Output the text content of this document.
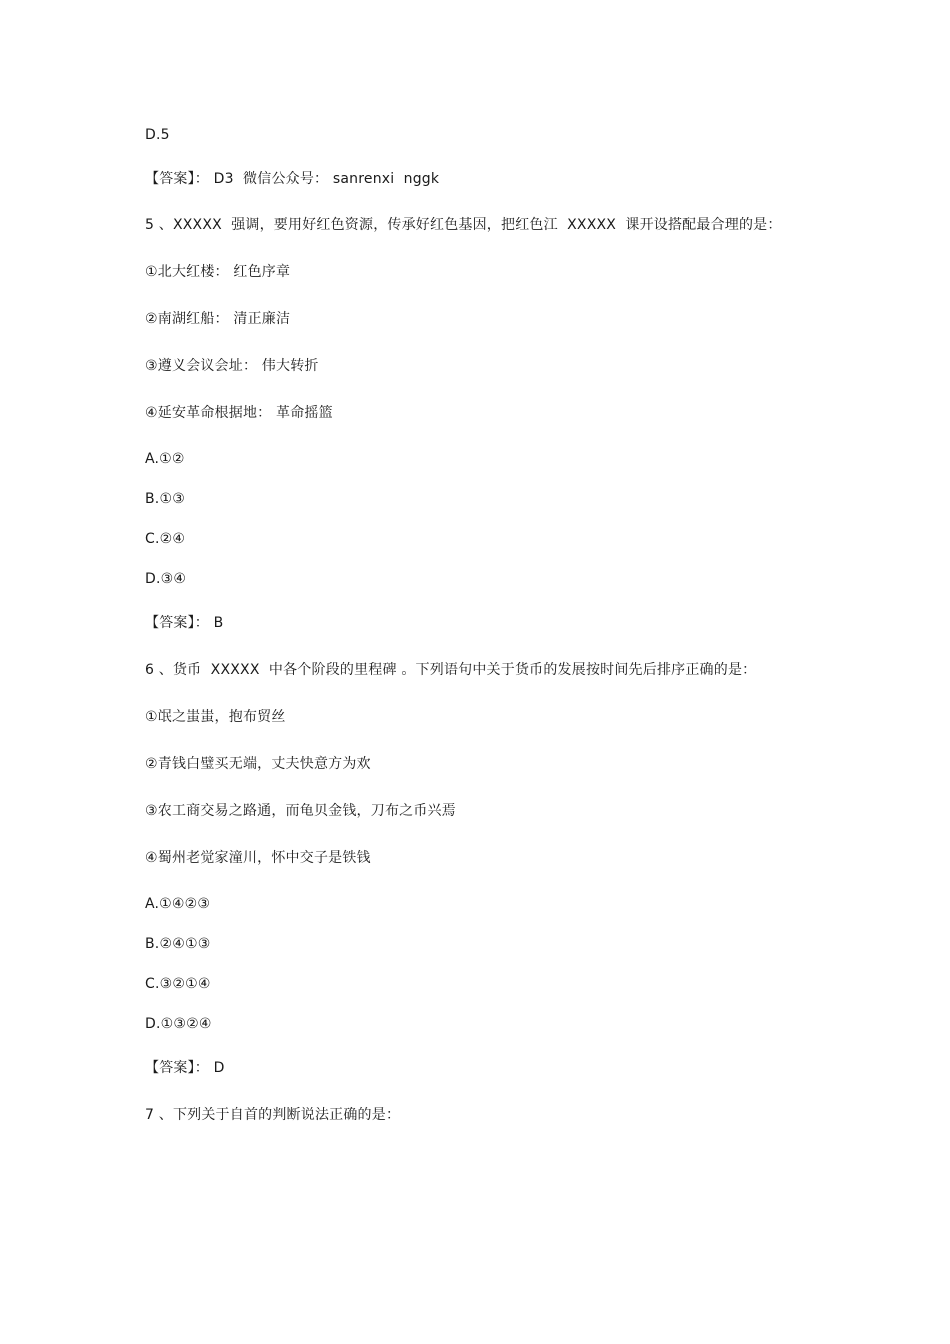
D.5
【答案】： D3  微信公众号： sanrenxi  nggk
5 、XXXXX  强调，要用好红色资源，传承好红色基因，把红色江  XXXXX  课开设搭配最合理的是：
①北大红楼： 红色序章
②南湖红船： 清正廉洁
③遵义会议会址： 伟大转折
④延安革命根据地： 革命摇篮
A.①②
B.①③
C.②④
D.③④
【答案】： B
6 、货币  XXXXX  中各个阶段的里程碑 。下列语句中关于货币的发展按时间先后排序正确的是：
①氓之蚩蚩，抱布贸丝
②青钱白璧买无端，丈夫快意方为欢
③农工商交易之路通，而龟贝金钱，刀布之币兴焉
④蜀州老觉家潼川，怀中交子是铁钱
A.①④②③
B.②④①③
C.③②①④
D.①③②④
【答案】： D
7 、下列关于自首的判断说法正确的是：
